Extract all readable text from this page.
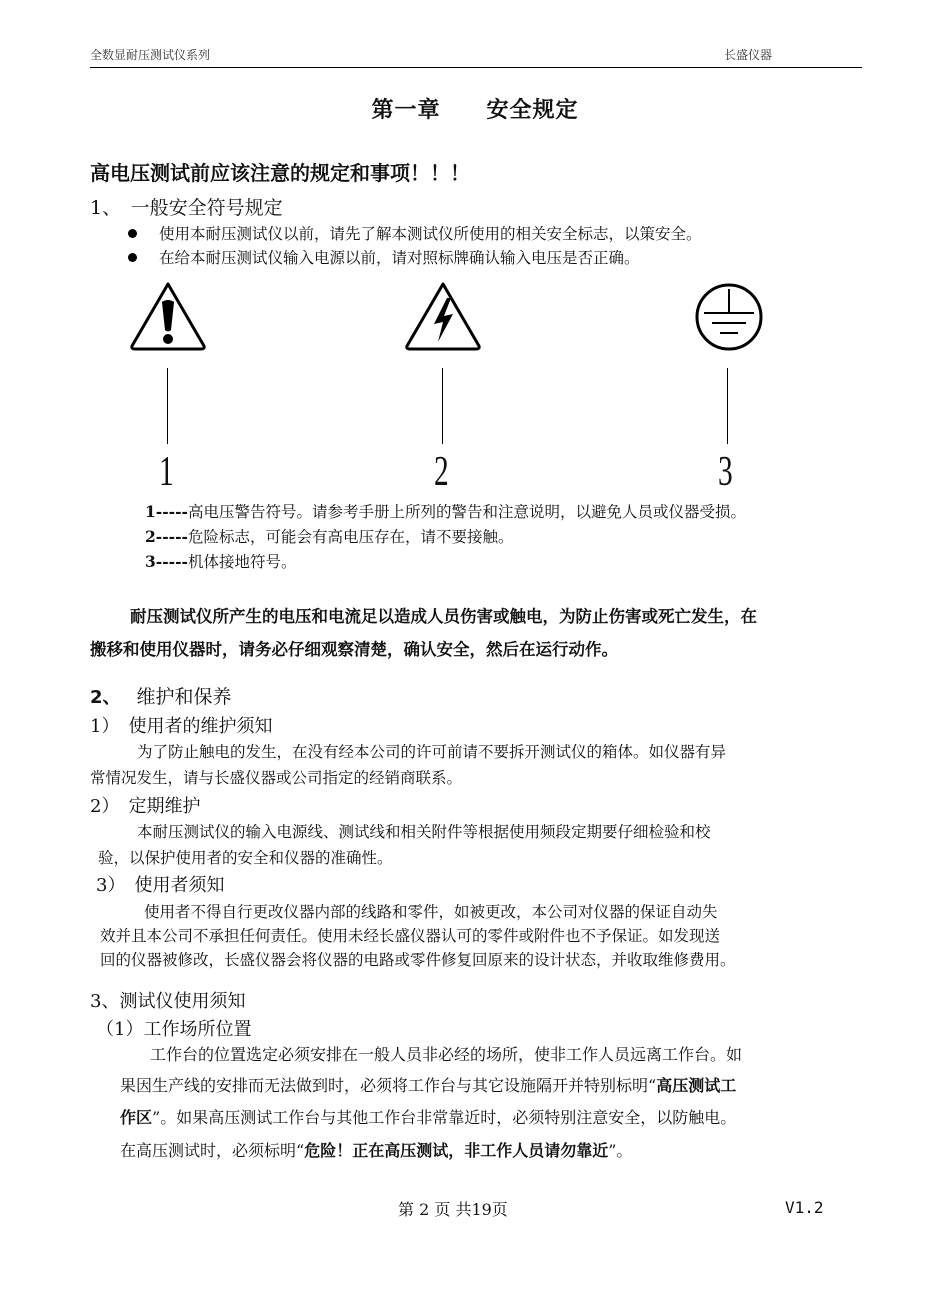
全数显耐压测试仪系列	长盛仪器
第一章　　安全规定
高电压测试前应该注意的规定和事项！！！
1、　一般安全符号规定
使用本耐压测试仪以前，请先了解本测试仪所使用的相关安全标志，以策安全。
在给本耐压测试仪输入电源以前，请对照标牌确认输入电压是否正确。
1	2	3
1-----高电压警告符号。请参考手册上所列的警告和注意说明，以避免人员或仪器受损。
2-----危险标志，可能会有高电压存在，请不要接触。
3-----机体接地符号。
耐压测试仪所产生的电压和电流足以造成人员伤害或触电，为防止伤害或死亡发生，在
搬移和使用仪器时，请务必仔细观察清楚，确认安全，然后在运行动作。
2、 维护和保养
1）　使用者的维护须知
为了防止触电的发生，在没有经本公司的许可前请不要拆开测试仪的箱体。如仪器有异
常情况发生，请与长盛仪器或公司指定的经销商联系。
2）　定期维护
本耐压测试仪的输入电源线、测试线和相关附件等根据使用频段定期要仔细检验和校
验，以保护使用者的安全和仪器的准确性。
3）　使用者须知
使用者不得自行更改仪器内部的线路和零件，如被更改，本公司对仪器的保证自动失
效并且本公司不承担任何责任。使用未经长盛仪器认可的零件或附件也不予保证。如发现送
回的仪器被修改，长盛仪器会将仪器的电路或零件修复回原来的设计状态，并收取维修费用。
3、测试仪使用须知
（1）工作场所位置
工作台的位置选定必须安排在一般人员非必经的场所，使非工作人员远离工作台。如
果因生产线的安排而无法做到时，必须将工作台与其它设施隔开并特别标明“高压测试工
作区”。如果高压测试工作台与其他工作台非常靠近时，必须特别注意安全，以防触电。
在高压测试时，必须标明“危险！正在高压测试，非工作人员请勿靠近”。
第 2 页 共19页	V1.2
